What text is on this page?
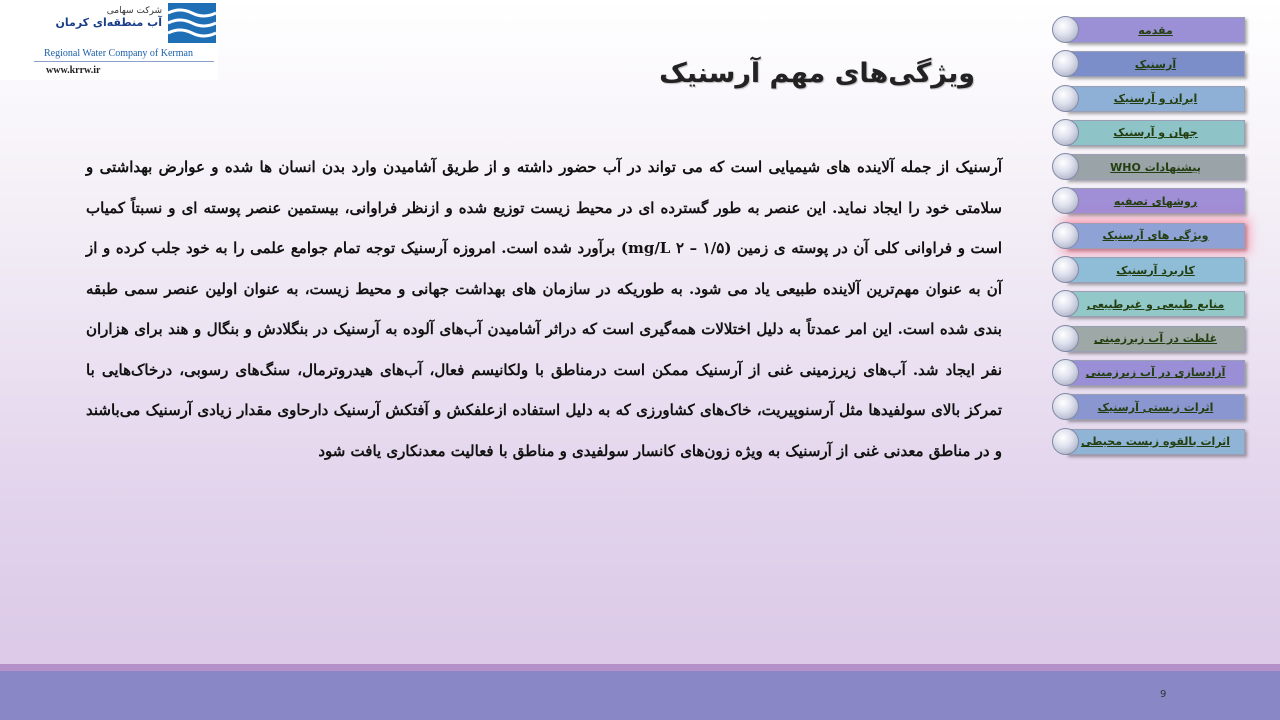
شرکت سهامی
آب منطقه‌ای کرمان
Regional Water Company of Kerman
www.krrw.ir	ویژگی‌های مهم آرسنیک
آرسنیک از جمله آلاینده های شیمیایی است که می تواند در آب حضور داشته و از طریق آشامیدن وارد بدن انسان ها شده و عوارض بهداشتی و سلامتی خود را ایجاد نماید. این عنصر به طور گسترده ای در محیط زیست توزیع شده و ازنظر فراوانی، بیستمین عنصر پوسته ای و نسبتاً کمیاب است و فراوانی کلی آن در پوسته ی زمین (۱/۵ – ۲ mg/L) برآورد شده است. امروزه آرسنیک توجه تمام جوامع علمی را به خود جلب کرده و از آن به عنوان مهم‌ترین آلاینده طبیعی یاد می شود. به طوریکه در سازمان های بهداشت جهانی و محیط زیست، به عنوان اولین عنصر سمی طبقه بندی شده است. این امر عمدتاً به دلیل اختلالات همه‌گیری است که دراثر آشامیدن آب‌های آلوده به آرسنیک در بنگلادش و بنگال و هند برای هزاران نفر ایجاد شد. آب‌های زیرزمینی غنی از آرسنیک ممکن است درمناطق با ولکانیسم فعال، آب‌های هیدروترمال، سنگ‌های رسوبی، درخاک‌هایی با تمرکز بالای سولفیدها مثل آرسنوپیریت، خاک‌های کشاورزی که به دلیل استفاده ازعلفکش و آفتکش آرسنیک دارحاوی مقدار زیادی آرسنیک می‌باشند و در مناطق معدنی غنی از آرسنیک به ویژه زون‌های کانسار سولفیدی و مناطق با فعالیت معدنکاری یافت شود
مقدمه
آرسنیک
ایران و آرسنیک
جهان و آرسنیک
پیشنهادات WHO
روشهای تصفیه
ویژگی های آرسنیک
کاربرد آرسنیک
منابع طبیعی و غیرطبیعی
غلظت در آب زیرزمینی
آزادسازی در آب زیرزمینی
اثرات زیستی آرسنیک
اثرات بالقوه زیست محیطی
9
